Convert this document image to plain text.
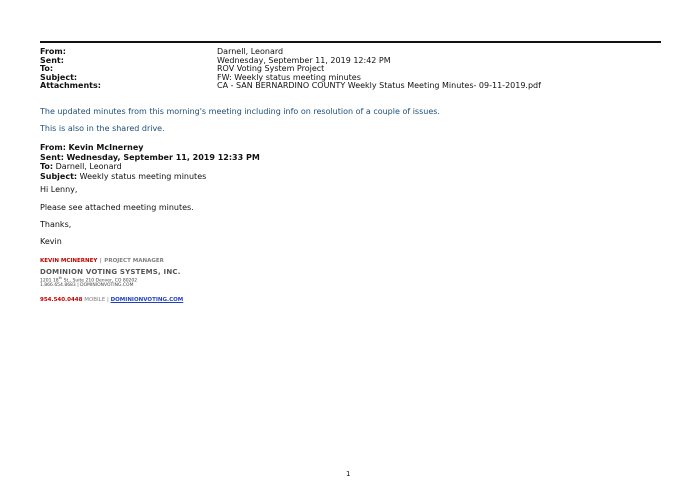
From:	Darnell, Leonard
Sent:	Wednesday, September 11, 2019 12:42 PM
To:	ROV Voting System Project
Subject:	FW: Weekly status meeting minutes
Attachments:	CA - SAN BERNARDINO COUNTY Weekly Status Meeting Minutes- 09-11-2019.pdf
The updated minutes from this morning's meeting including info on resolution of a couple of issues.
This is also in the shared drive.
From: Kevin McInerney
Sent: Wednesday, September 11, 2019 12:33 PM
To: Darnell, Leonard
Subject: Weekly status meeting minutes
Hi Lenny,
Please see attached meeting minutes.
Thanks,
Kevin
KEVIN MCINERNEY | PROJECT MANAGER
DOMINION VOTING SYSTEMS, INC.
1201 18th St., Suite 210 Denver, CO 80202
1.866.654.8683 | DOMINIONVOTING.COM
954.540.0448 MOBILE | DOMINIONVOTING.COM
1
